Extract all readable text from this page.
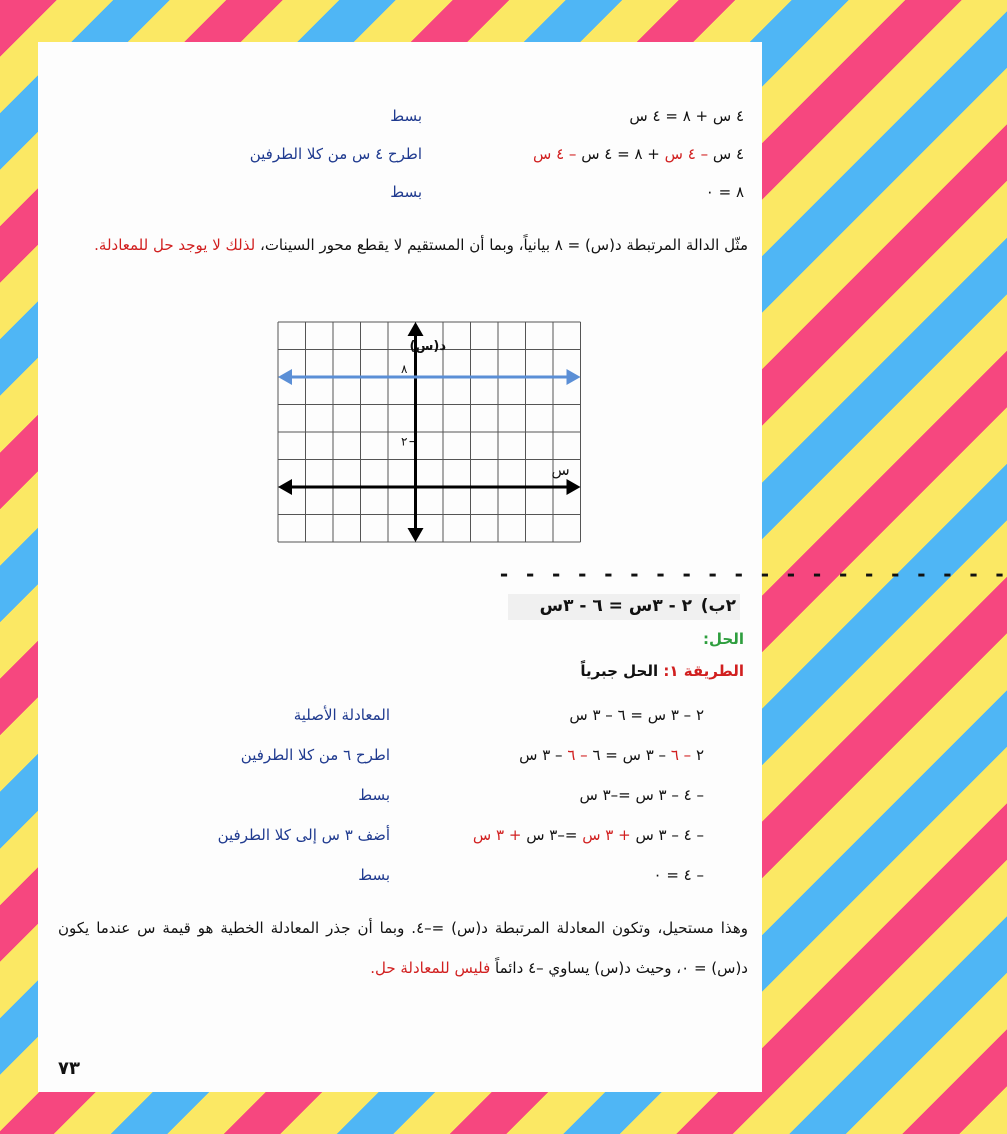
٤ س + ٨ = ٤ س
بسط
٤ س – ٤ س + ٨ = ٤ س – ٤ س
اطرح ٤ س من كلا الطرفين
٨ = ٠
بسط
مثّل الدالة المرتبطة د(س) = ٨ بيانياً، وبما أن المستقيم لا يقطع محور السينات، لذلك لا يوجد حل للمعادلة.
٨
٢
د(س)
س
- - - - - - - - - - - - - - - - - - - -
٢ب)
٢ - ٣س = ٦ - ٣س
الحل:
الطريقة ١: الحل جبرياً
٢ – ٣ س = ٦ – ٣ س
المعادلة الأصلية
٢ – ٦ – ٣ س = ٦ – ٦ – ٣ س
اطرح ٦ من كلا الطرفين
– ٤ – ٣ س =–٣ س
بسط
– ٤ – ٣ س + ٣ س =–٣ س + ٣ س
أضف ٣ س إلى كلا الطرفين
– ٤ = ٠
بسط
وهذا مستحيل، وتكون المعادلة المرتبطة د(س) =–٤. وبما أن جذر المعادلة الخطية هو قيمة س عندما يكون د(س) = ٠، وحيث د(س) يساوي –٤ دائماً فليس للمعادلة حل.
٧٣
